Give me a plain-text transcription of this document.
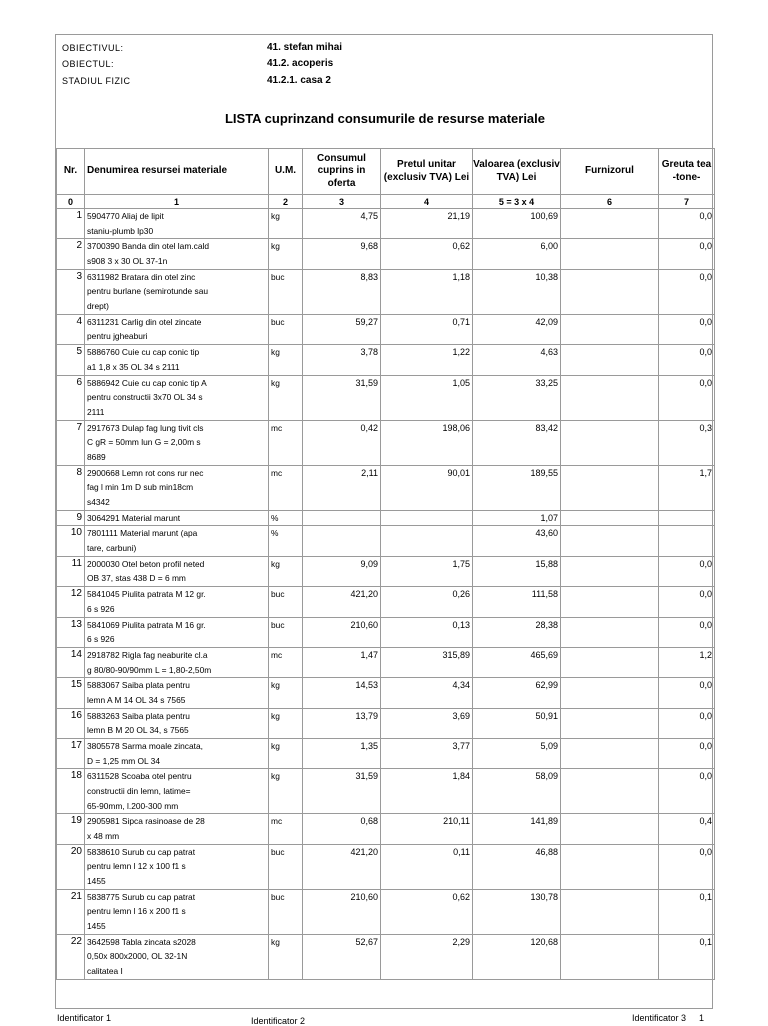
OBIECTIVUL:	41. stefan mihai
OBIECTUL:	41.2. acoperis
STADIUL FIZIC	41.2.1. casa 2
LISTA cuprinzand consumurile de resurse materiale
Nr.	Denumirea resursei materiale	U.M.	Consumul cuprins in oferta	Pretul unitar (exclusiv TVA) Lei	Valoarea (exclusiv TVA) Lei	Furnizorul	Greuta tea -tone-
0	1	2	3	4	5 = 3 x 4	6	7
1	5904770 Aliaj de lipit
staniu-plumb lp30	kg	4,75	21,19	100,69		0,0
2	3700390 Banda din otel lam.cald
s908 3 x 30 OL 37-1n	kg	9,68	0,62	6,00		0,0
3	6311982 Bratara din otel zinc
pentru burlane (semirotunde sau
drept)	buc	8,83	1,18	10,38		0,0
4	6311231 Carlig din otel zincate
pentru jgheaburi	buc	59,27	0,71	42,09		0,0
5	5886760 Cuie cu cap conic tip
a1 1,8 x 35 OL 34 s 2111	kg	3,78	1,22	4,63		0,0
6	5886942 Cuie cu cap conic tip A
pentru constructii 3x70 OL 34 s
2111	kg	31,59	1,05	33,25		0,0
7	2917673 Dulap fag lung tivit cls
C gR = 50mm lun G = 2,00m s
8689	mc	0,42	198,06	83,42		0,3
8	2900668 Lemn rot cons rur nec
fag l min 1m D sub min18cm
s4342	mc	2,11	90,01	189,55		1,7
9	3064291 Material marunt	%			1,07		
10	7801111 Material marunt (apa
tare, carbuni)	%			43,60		
11	2000030 Otel beton profil neted
OB 37, stas 438 D = 6 mm	kg	9,09	1,75	15,88		0,0
12	5841045 Piulita patrata M 12 gr.
6 s 926	buc	421,20	0,26	111,58		0,0
13	5841069 Piulita patrata M 16 gr.
6 s 926	buc	210,60	0,13	28,38		0,0
14	2918782 Rigla fag neaburite cl.a
g 80/80-90/90mm L = 1,80-2,50m	mc	1,47	315,89	465,69		1,2
15	5883067 Saiba plata pentru
lemn A M 14 OL 34 s 7565	kg	14,53	4,34	62,99		0,0
16	5883263 Saiba plata pentru
lemn B M 20 OL 34, s 7565	kg	13,79	3,69	50,91		0,0
17	3805578 Sarma moale zincata,
D = 1,25 mm OL 34	kg	1,35	3,77	5,09		0,0
18	6311528 Scoaba otel pentru
constructii din lemn, latime=
65-90mm, l.200-300 mm	kg	31,59	1,84	58,09		0,0
19	2905981 Sipca rasinoase de 28
x 48 mm	mc	0,68	210,11	141,89		0,4
20	5838610 Surub cu cap patrat
pentru lemn l 12 x 100 f1 s
1455	buc	421,20	0,11	46,88		0,0
21	5838775 Surub cu cap patrat
pentru lemn l 16 x 200 f1 s
1455	buc	210,60	0,62	130,78		0,1
22	3642598 Tabla zincata s2028
0,50x 800x2000, OL 32-1N
calitatea I	kg	52,67	2,29	120,68		0,1
Identificator 1	Identificator 2	Identificator 3 1
